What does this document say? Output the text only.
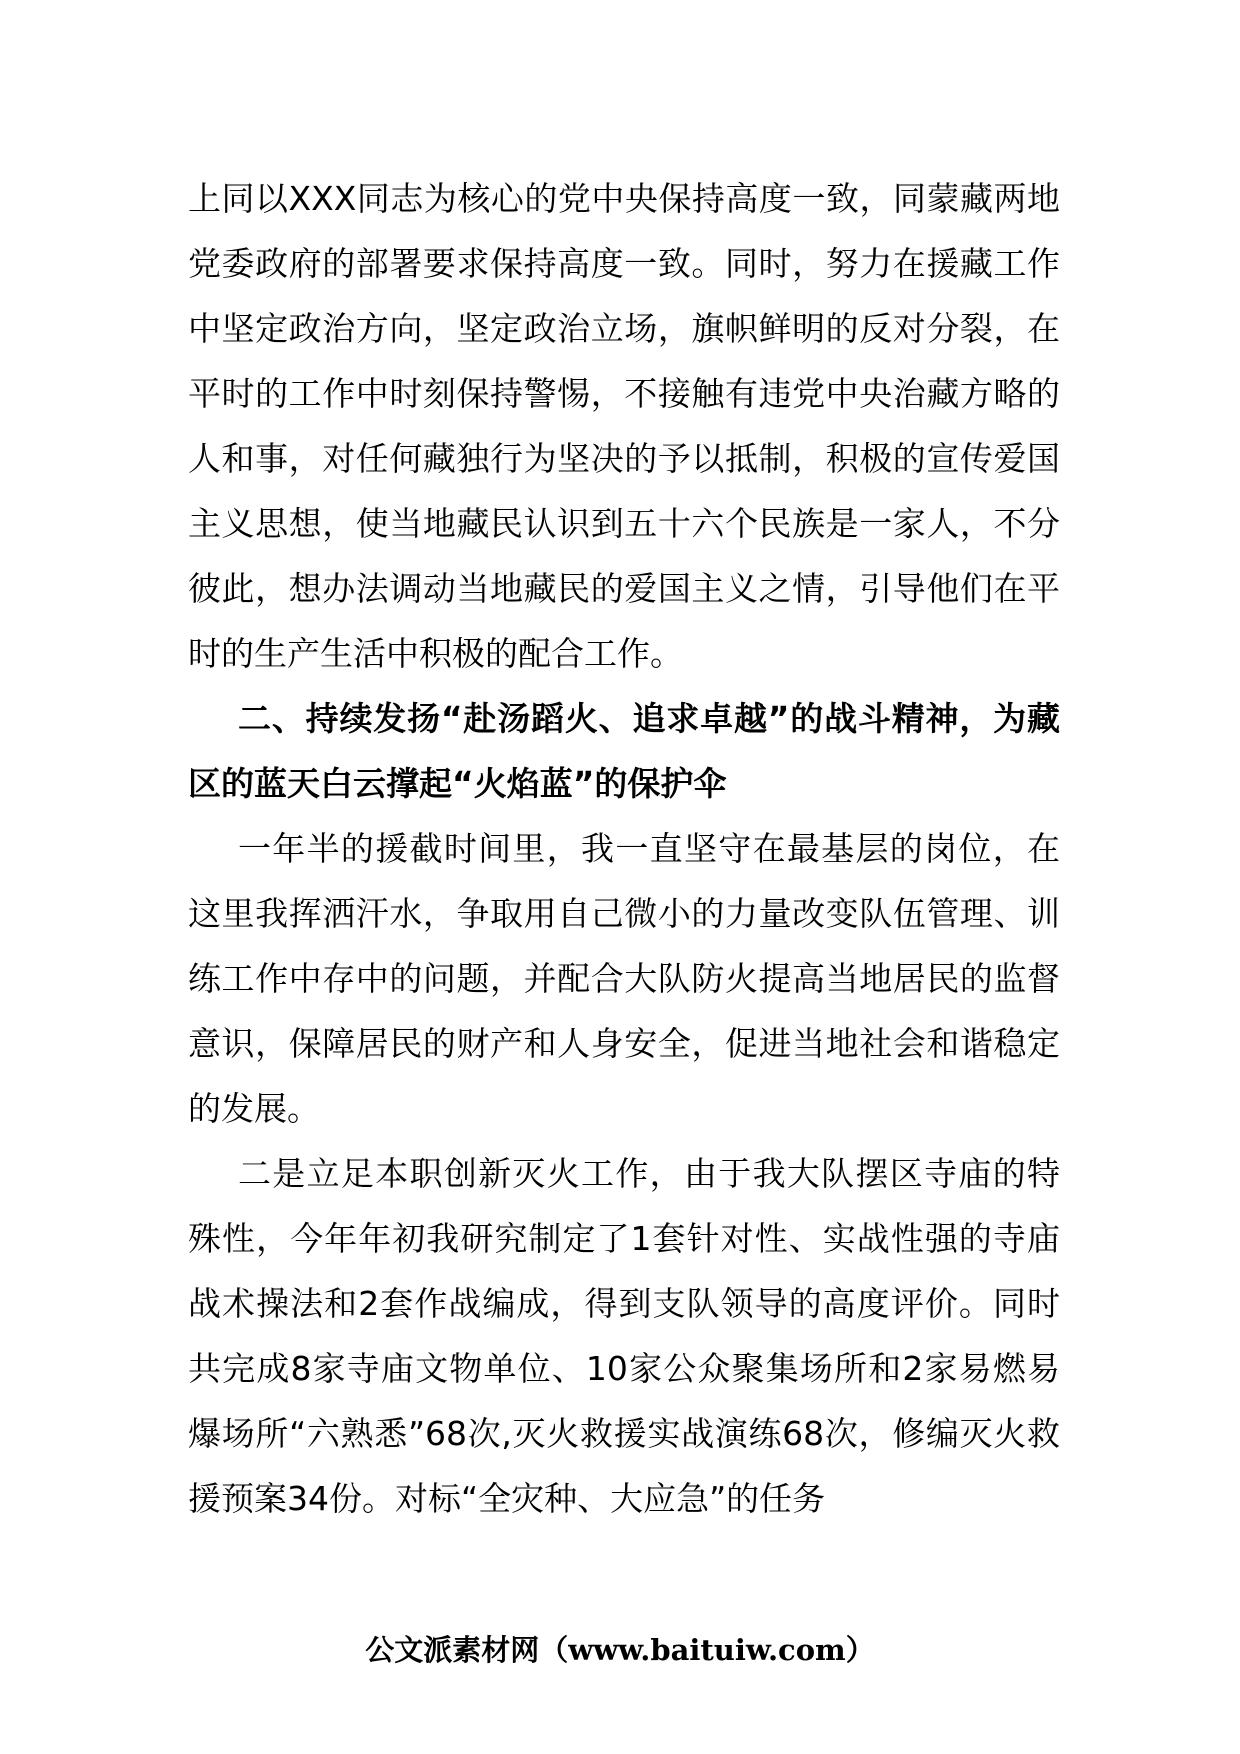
上同以XXX同志为核心的党中央保持高度一致，同蒙藏两地党委政府的部署要求保持高度一致。同时，努力在援藏工作中坚定政治方向，坚定政治立场，旗帜鲜明的反对分裂，在平时的工作中时刻保持警惕，不接触有违党中央治藏方略的人和事，对任何藏独行为坚决的予以抵制，积极的宣传爱国主义思想，使当地藏民认识到五十六个民族是一家人，不分彼此，想办法调动当地藏民的爱国主义之情，引导他们在平时的生产生活中积极的配合工作。

二、持续发扬“赴汤蹈火、追求卓越”的战斗精神，为藏区的蓝天白云撑起“火焰蓝”的保护伞

一年半的援截时间里，我一直坚守在最基层的岗位，在这里我挥洒汗水，争取用自己微小的力量改变队伍管理、训练工作中存中的问题，并配合大队防火提高当地居民的监督意识，保障居民的财产和人身安全，促进当地社会和谐稳定的发展。

二是立足本职创新灭火工作，由于我大队摆区寺庙的特殊性，今年年初我研究制定了1套针对性、实战性强的寺庙战术操法和2套作战编成，得到支队领导的高度评价。同时共完成8家寺庙文物单位、10家公众聚集场所和2家易燃易爆场所“六熟悉”68次,灭火救援实战演练68次，修编灭火救援预案34份。对标“全灾种、大应急”的任务

公文派素材网（www.baituiw.com）
